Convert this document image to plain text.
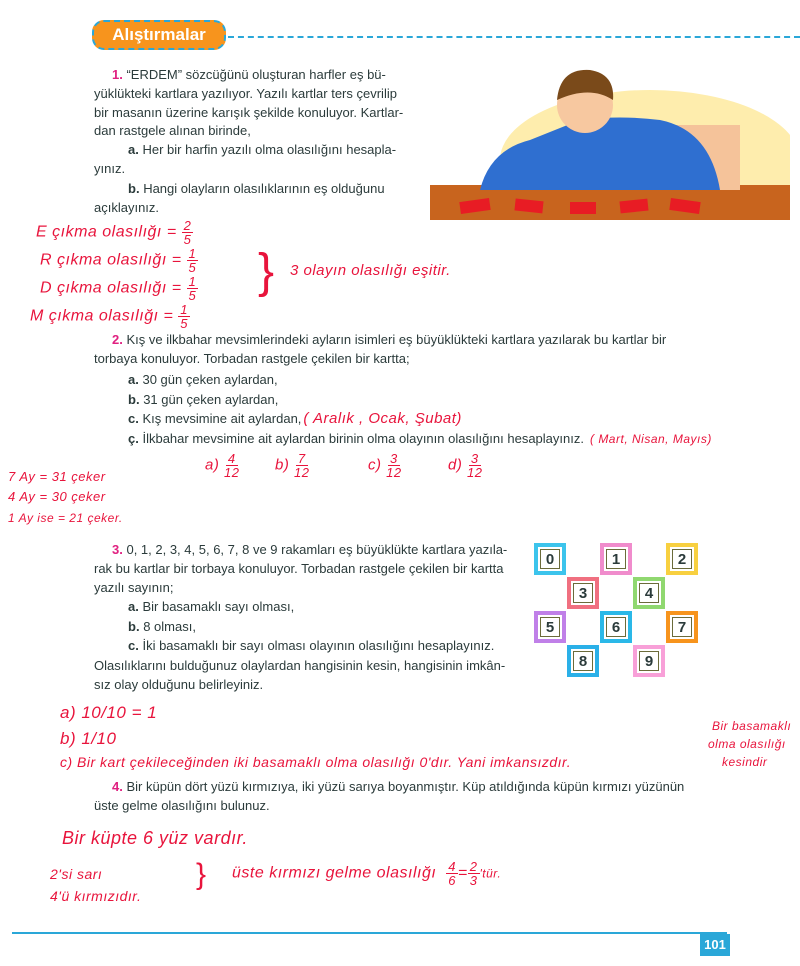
Alıştırmalar
1. “ERDEM” sözcüğünü oluşturan harfler eş bü-
yüklükteki kartlara yazılıyor. Yazılı kartlar ters çevrilip
bir masanın üzerine karışık şekilde konuluyor. Kartlar-
dan rastgele alınan birinde,
a. Her bir harfin yazılı olma olasılığını hesapla-
yınız.
b. Hangi olayların olasılıklarının eş olduğunu
açıklayınız.
E çıkma olasılığı = $\frac{2}{5}$
R çıkma olasılığı = $\frac{1}{5}$
D çıkma olasılığı = $\frac{1}{5}$
M çıkma olasılığı = $\frac{1}{5}$
} 3 olayın olasılığı eşitir.
2. Kış ve ilkbahar mevsimlerindeki ayların isimleri eş büyüklükteki kartlara yazılarak bu kartlar bir
torbaya konuluyor. Torbadan rastgele çekilen bir kartta;
a. 30 gün çeken aylardan,
b. 31 gün çeken aylardan,
c. Kış mevsimine ait aylardan, ( Aralık , Ocak, Şubat)
ç. İlkbahar mevsimine ait aylardan birinin olma olayının olasılığını hesaplayınız. ( Mart, Nisan, Mayıs)
$a) \frac{4}{12} b) \frac{7}{12}$	$c) \frac{3}{12}$	$d) \frac{3}{12}$
7 Ay = 31 çeker
4 Ay = 30 çeker
1 Ay ise = 21 çeker.
3. 0, 1, 2, 3, 4, 5, 6, 7, 8 ve 9 rakamları eş büyüklükte kartlara yazıla-
rak bu kartlar bir torbaya konuluyor. Torbadan rastgele çekilen bir kartta
yazılı sayının;
a. Bir basamaklı sayı olması,
b. 8 olması,
c. İki basamaklı bir sayı olması olayının olasılığını hesaplayınız.
Olasılıklarını bulduğunuz olaylardan hangisinin kesin, hangisinin imkân-
sız olay olduğunu belirleyiniz.
0	1	2
3	4
5	6	7
8	9
a) 10/10 = 1
b) 1/10
c) Bir kart çekileceğinden iki basamaklı olma olasılığı 0'dır. Yani imkansızdır.
Bir basamaklı
olma olasılığı
kesindir
4. Bir küpün dört yüzü kırmızıya, iki yüzü sarıya boyanmıştır. Küp atıldığında küpün kırmızı yüzünün
üste gelme olasılığını bulunuz.
Bir küpte 6 yüz vardır.
2'si sarı
4'ü kırmızıdır.
} üste kırmızı gelme olasılığı $\frac{4}{6} = \frac{2}{3}$ 'tür.
101
